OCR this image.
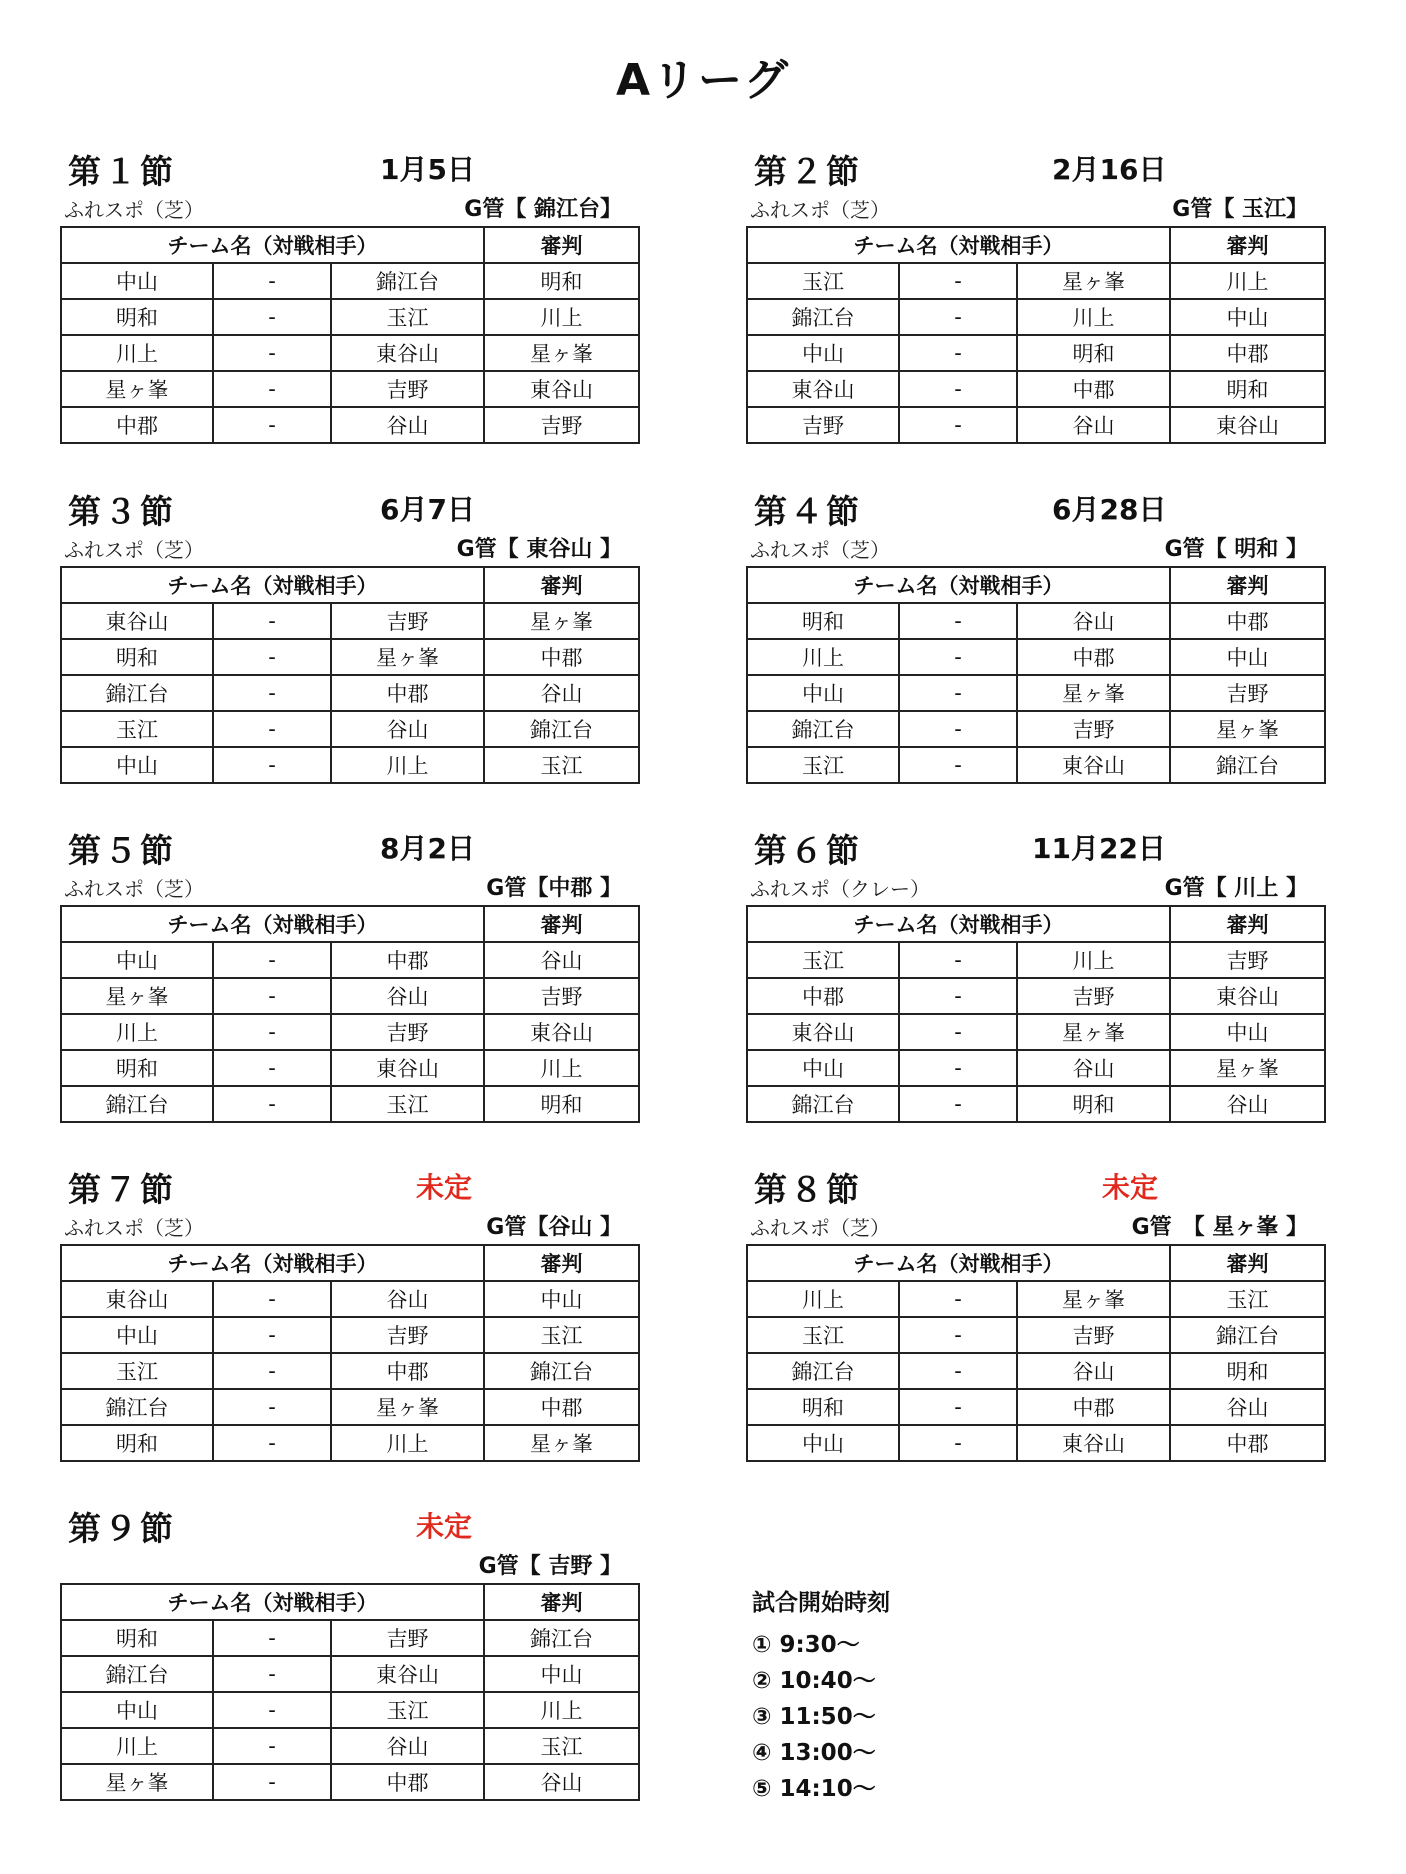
Aリーグ
第１節	1月5日
ふれスポ（芝）	G管【 錦江台】
チーム名（対戦相手）			審判
中山	-	錦江台	明和
明和	-	玉江	川上
川上	-	東谷山	星ヶ峯
星ヶ峯	-	吉野	東谷山
中郡	-	谷山	吉野
第２節	2月16日
ふれスポ（芝）	G管【 玉江】
チーム名（対戦相手）			審判
玉江	-	星ヶ峯	川上
錦江台	-	川上	中山
中山	-	明和	中郡
東谷山	-	中郡	明和
吉野	-	谷山	東谷山
第３節	6月7日
ふれスポ（芝）	G管【 東谷山 】
チーム名（対戦相手）			審判
東谷山	-	吉野	星ヶ峯
明和	-	星ヶ峯	中郡
錦江台	-	中郡	谷山
玉江	-	谷山	錦江台
中山	-	川上	玉江
第４節	6月28日
ふれスポ（芝）	G管【 明和 】
チーム名（対戦相手）			審判
明和	-	谷山	中郡
川上	-	中郡	中山
中山	-	星ヶ峯	吉野
錦江台	-	吉野	星ヶ峯
玉江	-	東谷山	錦江台
第５節	8月2日
ふれスポ（芝）	G管【中郡 】
チーム名（対戦相手）			審判
中山	-	中郡	谷山
星ヶ峯	-	谷山	吉野
川上	-	吉野	東谷山
明和	-	東谷山	川上
錦江台	-	玉江	明和
第６節	11月22日
ふれスポ（クレー）	G管【 川上 】
チーム名（対戦相手）			審判
玉江	-	川上	吉野
中郡	-	吉野	東谷山
東谷山	-	星ヶ峯	中山
中山	-	谷山	星ヶ峯
錦江台	-	明和	谷山
第７節	未定
ふれスポ（芝）	G管【谷山 】
チーム名（対戦相手）			審判
東谷山	-	谷山	中山
中山	-	吉野	玉江
玉江	-	中郡	錦江台
錦江台	-	星ヶ峯	中郡
明和	-	川上	星ヶ峯
第８節	未定
ふれスポ（芝）	G管　【 星ヶ峯 】
チーム名（対戦相手）			審判
川上	-	星ヶ峯	玉江
玉江	-	吉野	錦江台
錦江台	-	谷山	明和
明和	-	中郡	谷山
中山	-	東谷山	中郡
第９節	未定
G管【 吉野 】
チーム名（対戦相手）			審判
明和	-	吉野	錦江台
錦江台	-	東谷山	中山
中山	-	玉江	川上
川上	-	谷山	玉江
星ヶ峯	-	中郡	谷山
試合開始時刻
① 9:30～
② 10:40～
③ 11:50～
④ 13:00～
⑤ 14:10～
